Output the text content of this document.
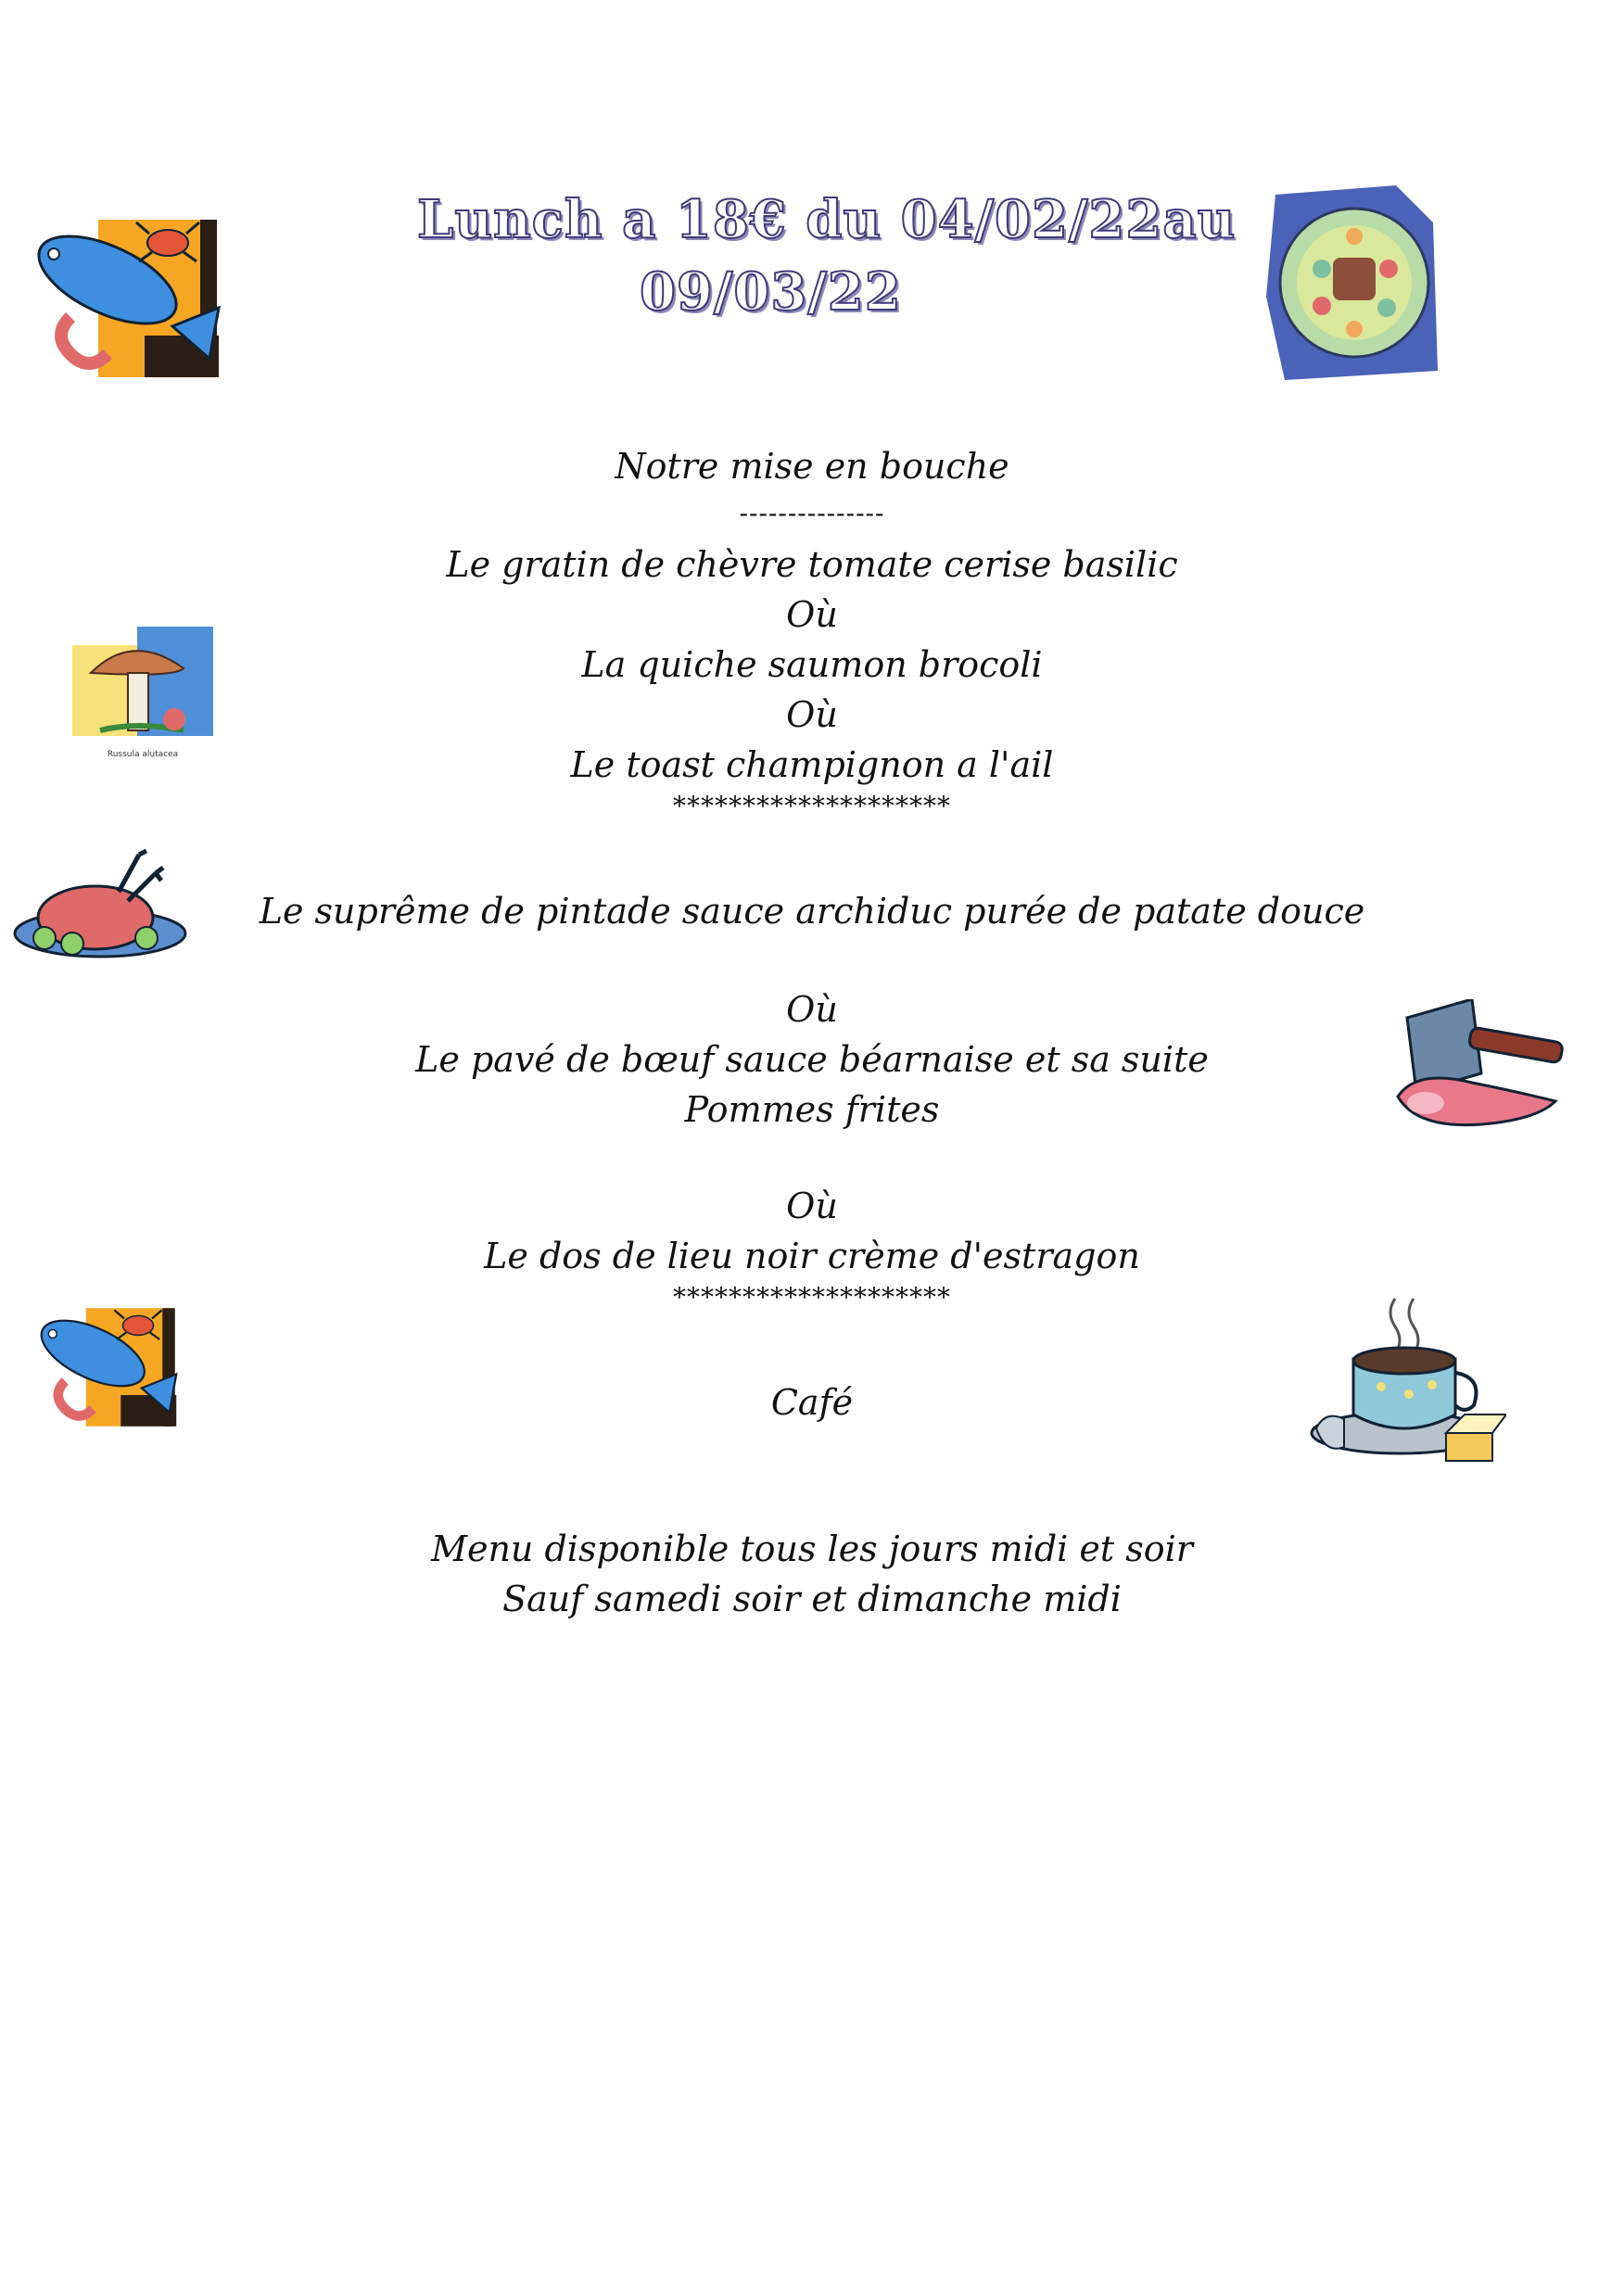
Lunch a 18€ du 04/02/22au
09/03/22
Notre mise en bouche
---------------
Le gratin de chèvre tomate cerise basilic
Où
La quiche saumon brocoli
Où
Le toast champignon a l'ail
********************
Le suprême de pintade sauce archiduc purée de patate douce
Où
Le pavé de bœuf sauce béarnaise et sa suite
Pommes frites
Où
Le dos de lieu noir crème d'estragon
********************
Café
Menu disponible tous les jours midi et soir
Sauf samedi soir et dimanche midi
Russula alutacea
